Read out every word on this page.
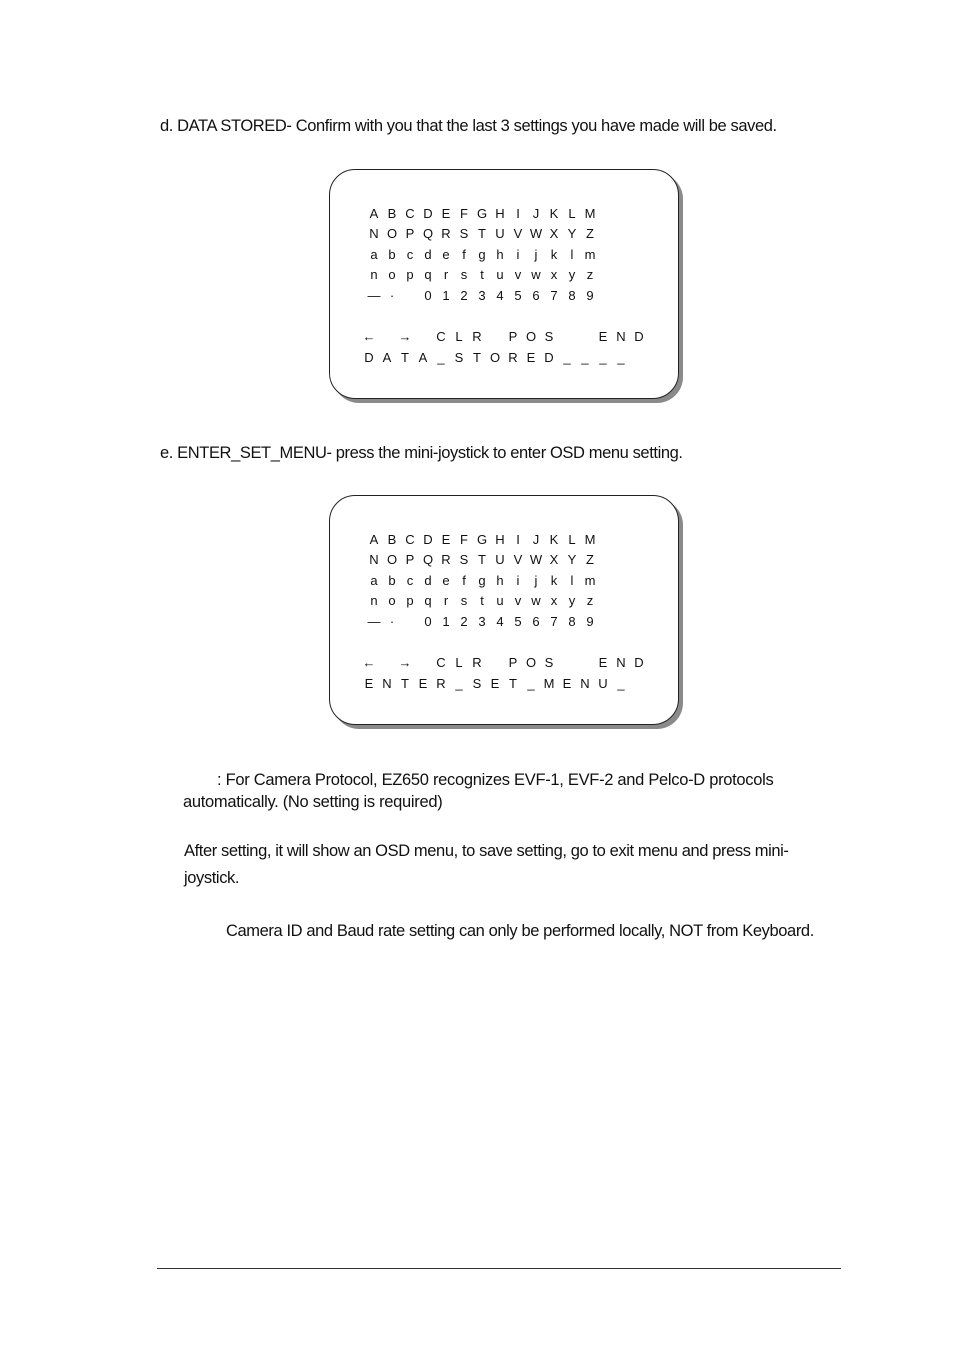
d. DATA STORED- Confirm with you that the last 3 settings you have made will be saved.
A B C D E F G H I J K L M
N O P Q R S T U V W X Y Z
a b c d e f g h i	j	k	l m
n o p q r s t u v w x y z
— ·	0 1 2 3 4 5 6 7 8 9
← →	C L R	P O S	E N D
D A T A _ S T O R E D _ _ _ _
e. ENTER_SET_MENU- press the mini-joystick to enter OSD menu setting.
A B C D E F G H I J K L M
N O P Q R S T U V W X Y Z
a b c d e f g h i	j	k	l m
n o p q r s t u v w x y z
— ·	0 1 2 3 4 5 6 7 8 9
← →	C L R	P O S	E N D
E N T E R _ S E T _ M E N U _
: For Camera Protocol, EZ650 recognizes EVF-1, EVF-2 and Pelco-D protocols
automatically. (No setting is required)
After setting, it will show an OSD menu, to save setting, go to exit menu and press mini-
joystick.
Camera ID and Baud rate setting can only be performed locally, NOT from Keyboard.
